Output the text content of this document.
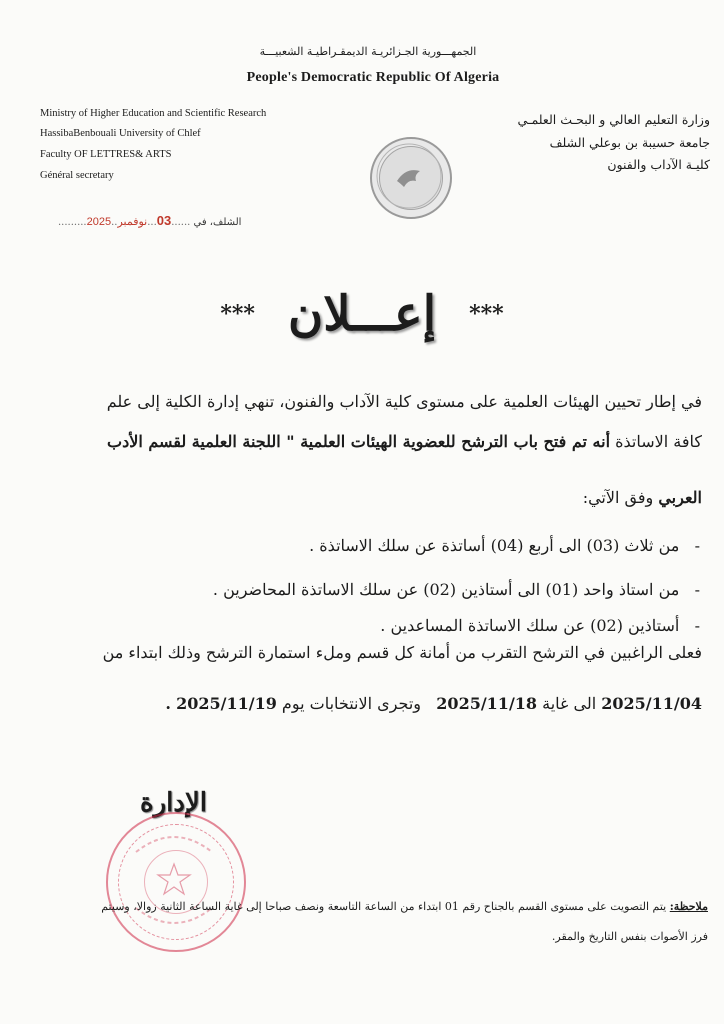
الجمهـــورية الجـزائريـة الديمقـراطيـة الشعبيـــة
People's Democratic Republic Of Algeria
Ministry of Higher Education and Scientific Research
HassibaBenbouali University of Chlef
Faculty OF LETTRES& ARTS
Général secretary
وزارة التعليم العالي و البحـث العلمـي
جامعة حسيبة بن بوعلي الشلف
كليـة الآداب والفنون
الشلف، في ......03...نوفمبر..2025.........
*** إعـــلان ***
في إطار تحيين الهيئات العلمية على مستوى كلية الآداب والفنون، تنهي إدارة الكلية إلى علم
كافة الاساتذة أنه تم فتح باب الترشح للعضوية الهيئات العلمية " اللجنة العلمية لقسم الأدب
العربي وفق الآتي:
-   من ثلاث (03) الى أربع (04) أساتذة عن سلك الاساتذة .
-   من استاذ واحد (01) الى أستاذين (02) عن سلك الاساتذة المحاضرين .
-   أستاذين (02) عن سلك الاساتذة المساعدين .
فعلى الراغبين في الترشح التقرب من أمانة كل قسم وملء استمارة الترشح وذلك ابتداء من
2025/11/04 الى غاية 2025/11/18   وتجرى الانتخابات يوم 2025/11/19 .
الإدارة
ملاحظة: يتم التصويت على مستوى القسم بالجناح رقم 01 ابتداء من الساعة التاسعة ونصف صباحا إلى غاية الساعة الثانية زوالا، وسيتم
فرز الأصوات بنفس التاريخ والمقر.
